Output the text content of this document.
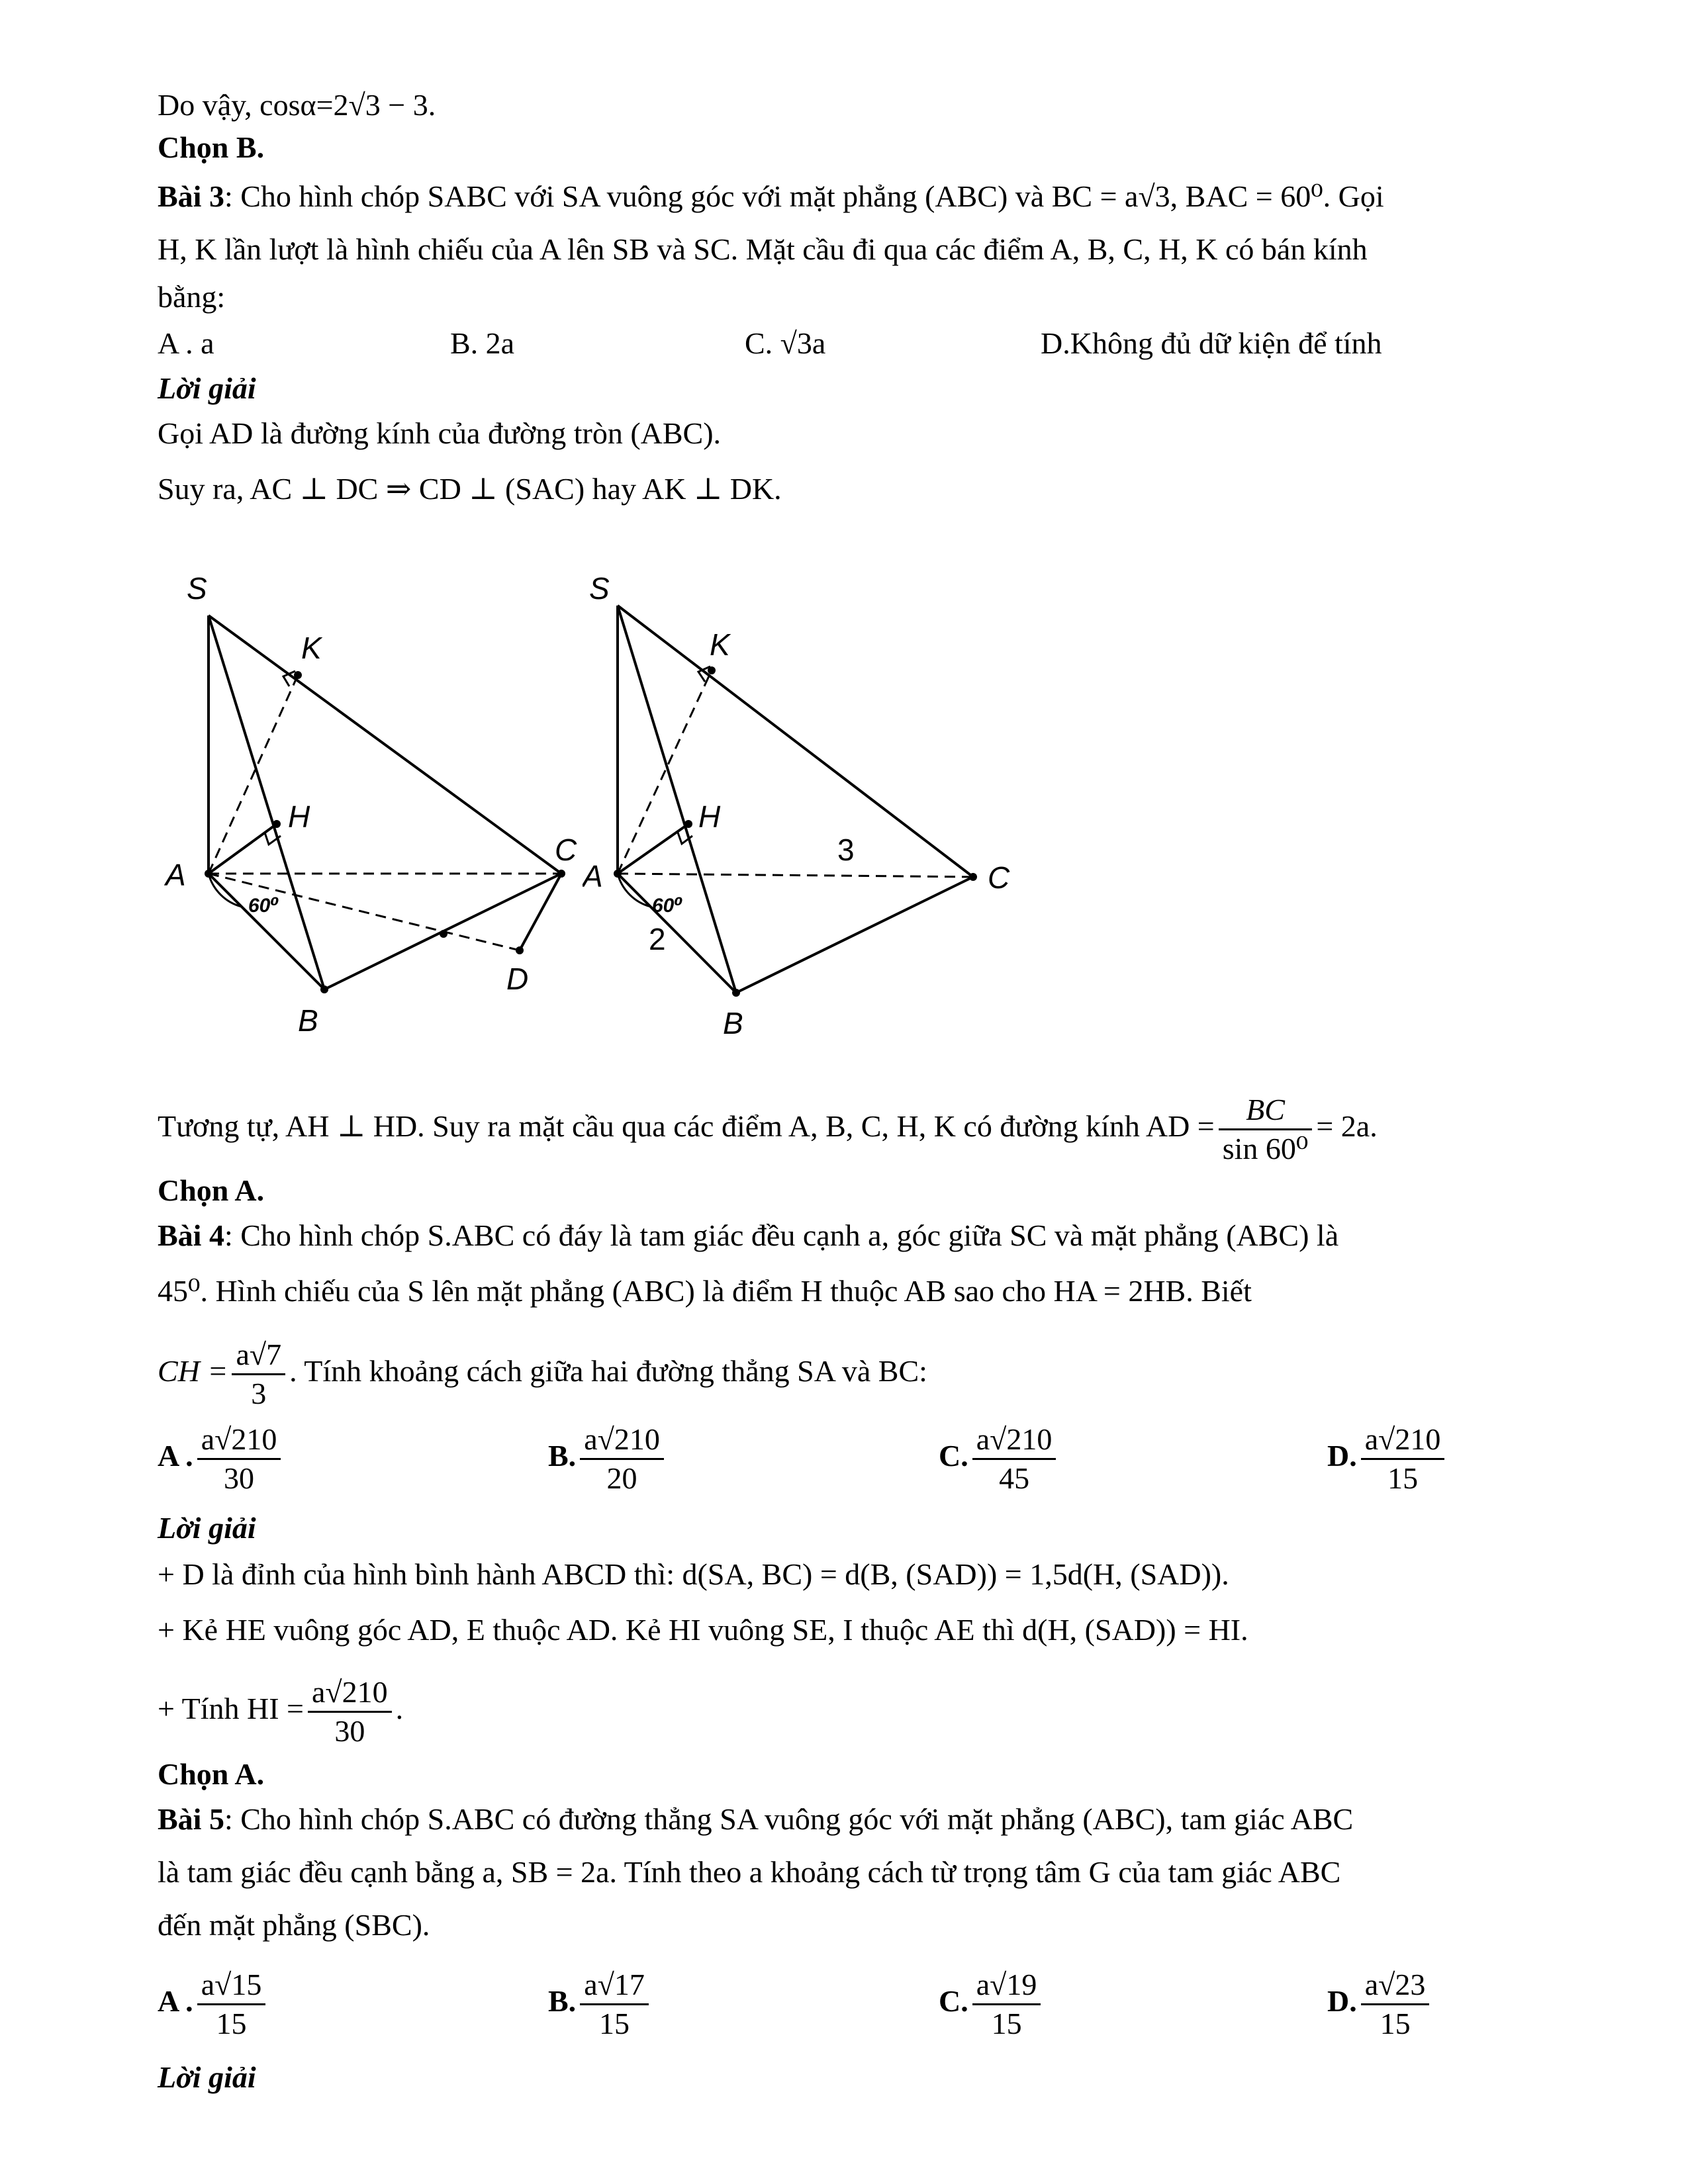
Do vậy, cosα=2√3 − 3.
Chọn B.
Bài 3: Cho hình chóp SABC với SA vuông góc với mặt phẳng (ABC) và BC = a√3, BAC = 60⁰. Gọi
H, K lần lượt là hình chiếu của A lên SB và SC. Mặt cầu đi qua các điểm A, B, C, H, K có bán kính
bằng:
A . a	B. 2a	C. √3a	D.Không đủ dữ kiện để tính
Lời giải
Gọi AD là đường kính của đường tròn (ABC).
Suy ra, AC ⊥ DC ⇒ CD ⊥ (SAC) hay AK ⊥ DK.
S
K
H
A
C
D
B
60⁰
S
K
H
A	C
B
3
2
60⁰
Tương tự, AH ⊥ HD. Suy ra mặt cầu qua các điểm A, B, C, H, K có đường kính AD = $\frac{BC}{\text{sin 60⁰}} = 2a$.
Chọn A.
Bài 4: Cho hình chóp S.ABC có đáy là tam giác đều cạnh a, góc giữa SC và mặt phẳng (ABC) là
45⁰. Hình chiếu của S lên mặt phẳng (ABC) là điểm H thuộc AB sao cho HA = 2HB. Biết
CH = $\frac{a√7}{3}$ . Tính khoảng cách giữa hai đường thẳng SA và BC:
A . $\frac{a√210}{30}$	B. $\frac{a√210}{20}$	C. $\frac{a√210}{45}$	D. $\frac{a√210}{15}$
Lời giải
+ D là đỉnh của hình bình hành ABCD thì: d(SA, BC) = d(B, (SAD)) = 1,5d(H, (SAD)).
+ Kẻ HE vuông góc AD, E thuộc AD. Kẻ HI vuông SE, I thuộc AE thì d(H, (SAD)) = HI.
+ Tính HI = $\frac{a√210}{30}$ .
Chọn A.
Bài 5: Cho hình chóp S.ABC có đường thẳng SA vuông góc với mặt phẳng (ABC), tam giác ABC
là tam giác đều cạnh bằng a, SB = 2a. Tính theo a khoảng cách từ trọng tâm G của tam giác ABC
đến mặt phẳng (SBC).
A . $\frac{a√15}{15}$	B. $\frac{a√17}{15}$	C. $\frac{a√19}{15}$	D. $\frac{a√23}{15}$
Lời giải
